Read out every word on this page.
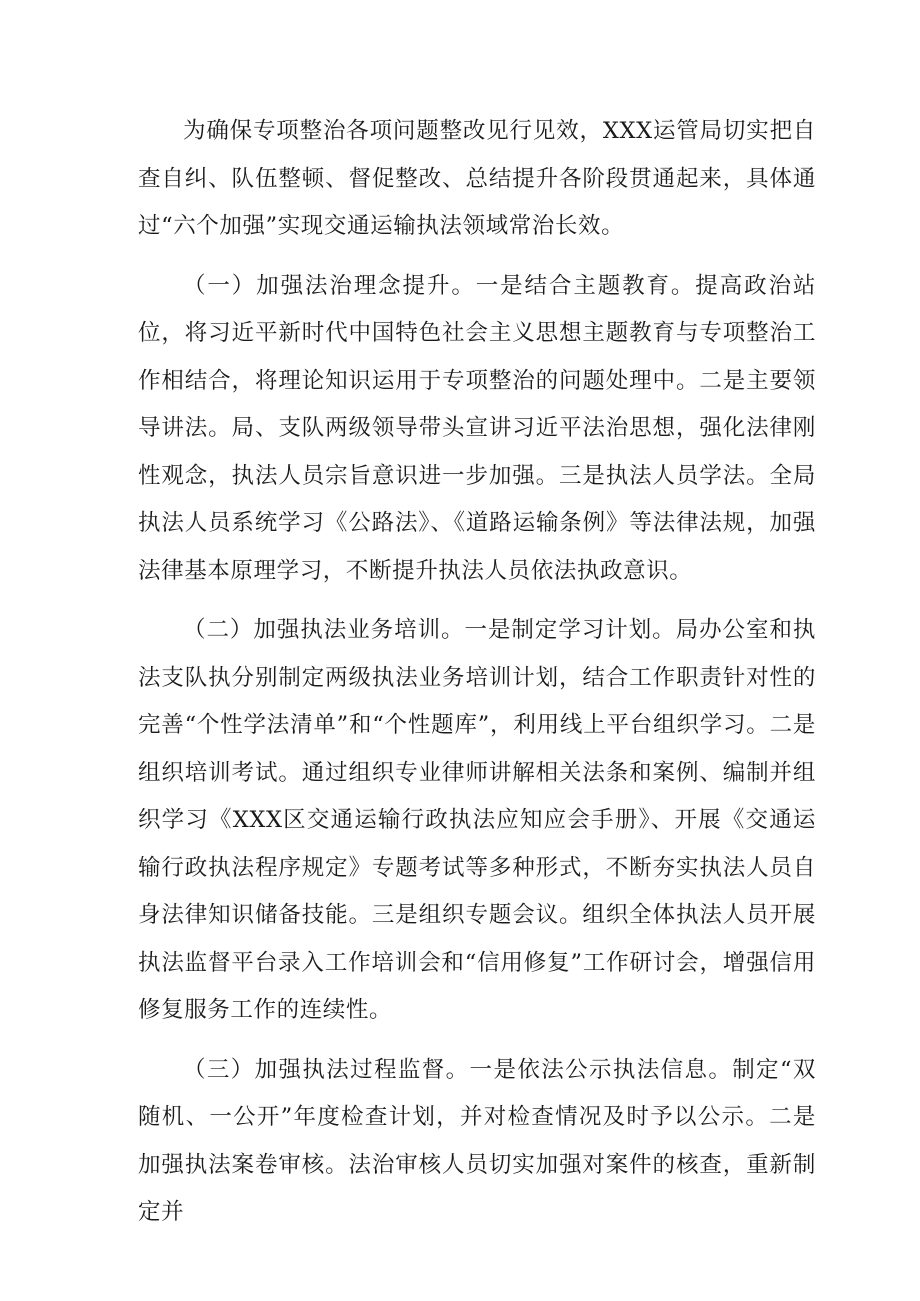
为确保专项整治各项问题整改见行见效，XXX运管局切实把自查自纠、队伍整顿、督促整改、总结提升各阶段贯通起来，具体通过“六个加强”实现交通运输执法领域常治长效。

（一）加强法治理念提升。一是结合主题教育。提高政治站位，将习近平新时代中国特色社会主义思想主题教育与专项整治工作相结合，将理论知识运用于专项整治的问题处理中。二是主要领导讲法。局、支队两级领导带头宣讲习近平法治思想，强化法律刚性观念，执法人员宗旨意识进一步加强。三是执法人员学法。全局执法人员系统学习《公路法》、《道路运输条例》等法律法规，加强法律基本原理学习，不断提升执法人员依法执政意识。

（二）加强执法业务培训。一是制定学习计划。局办公室和执法支队执分别制定两级执法业务培训计划，结合工作职责针对性的完善“个性学法清单”和“个性题库”，利用线上平台组织学习。二是组织培训考试。通过组织专业律师讲解相关法条和案例、编制并组织学习《XXX区交通运输行政执法应知应会手册》、开展《交通运输行政执法程序规定》专题考试等多种形式，不断夯实执法人员自身法律知识储备技能。三是组织专题会议。组织全体执法人员开展执法监督平台录入工作培训会和“信用修复”工作研讨会，增强信用修复服务工作的连续性。

（三）加强执法过程监督。一是依法公示执法信息。制定“双随机、一公开”年度检查计划，并对检查情况及时予以公示。二是加强执法案卷审核。法治审核人员切实加强对案件的核查，重新制定并
